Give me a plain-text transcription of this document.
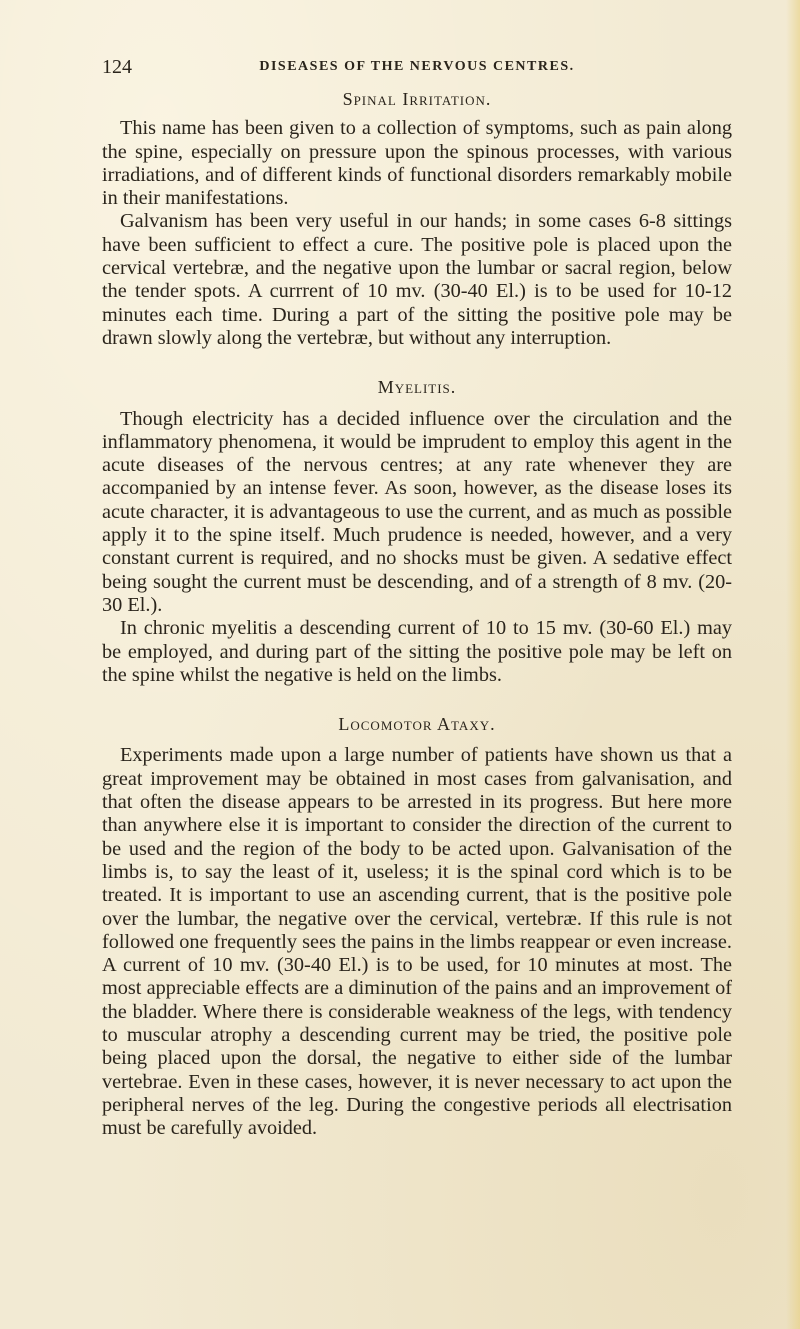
124	DISEASES OF THE NERVOUS CENTRES.
Spinal Irritation.

This name has been given to a collection of symptoms, such as pain along the spine, especially on pressure upon the spinous processes, with various irradiations, and of different kinds of functional disorders remarkably mobile in their manifestations.

Galvanism has been very useful in our hands; in some cases 6-8 sittings have been sufficient to effect a cure. The positive pole is placed upon the cervical vertebræ, and the negative upon the lumbar or sacral region, below the tender spots. A currrent of 10 mv. (30-40 El.) is to be used for 10-12 minutes each time. During a part of the sitting the positive pole may be drawn slowly along the vertebræ, but without any interruption.

Myelitis.

Though electricity has a decided influence over the circulation and the inflammatory phenomena, it would be imprudent to employ this agent in the acute diseases of the nervous centres; at any rate whenever they are accompanied by an intense fever. As soon, however, as the disease loses its acute character, it is advantageous to use the current, and as much as possible apply it to the spine itself. Much prudence is needed, however, and a very constant current is required, and no shocks must be given. A sedative effect being sought the current must be descending, and of a strength of 8 mv. (20-30 El.).

In chronic myelitis a descending current of 10 to 15 mv. (30-60 El.) may be employed, and during part of the sitting the positive pole may be left on the spine whilst the negative is held on the limbs.

Locomotor Ataxy.

Experiments made upon a large number of patients have shown us that a great improvement may be obtained in most cases from galvanisation, and that often the disease appears to be arrested in its progress. But here more than anywhere else it is important to consider the direction of the current to be used and the region of the body to be acted upon. Galvanisation of the limbs is, to say the least of it, useless; it is the spinal cord which is to be treated. It is important to use an ascending current, that is the positive pole over the lumbar, the negative over the cervical, vertebræ. If this rule is not followed one frequently sees the pains in the limbs reappear or even increase. A current of 10 mv. (30-40 El.) is to be used, for 10 minutes at most. The most appreciable effects are a diminution of the pains and an improvement of the bladder. Where there is considerable weakness of the legs, with tendency to muscular atrophy a descending current may be tried, the positive pole being placed upon the dorsal, the negative to either side of the lumbar vertebrae. Even in these cases, however, it is never necessary to act upon the peripheral nerves of the leg. During the congestive periods all electrisation must be carefully avoided.
